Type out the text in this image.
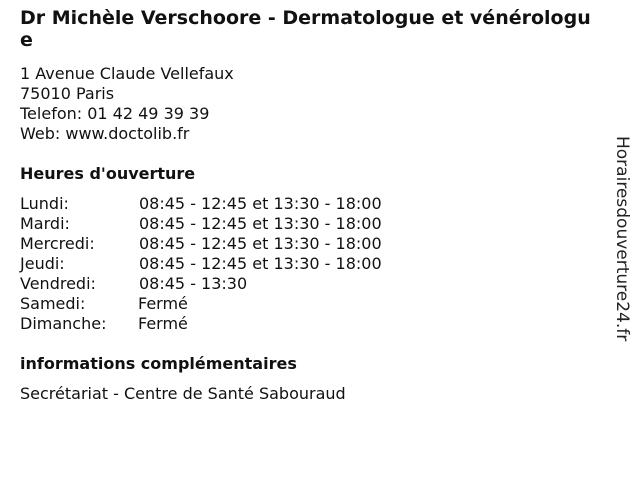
Dr Michèle Verschoore - Dermatologue et vénérologue
1 Avenue Claude Vellefaux
75010 Paris
Telefon: 01 42 49 39 39
Web: www.doctolib.fr
Heures d'ouverture
Lundi:	08:45 - 12:45 et 13:30 - 18:00
Mardi:	08:45 - 12:45 et 13:30 - 18:00
Mercredi:	08:45 - 12:45 et 13:30 - 18:00
Jeudi:	08:45 - 12:45 et 13:30 - 18:00
Vendredi:	08:45 - 13:30
Samedi:	Fermé
Dimanche: Fermé
informations complémentaires
Secrétariat - Centre de Santé Sabouraud
Horairesdouverture24.fr
